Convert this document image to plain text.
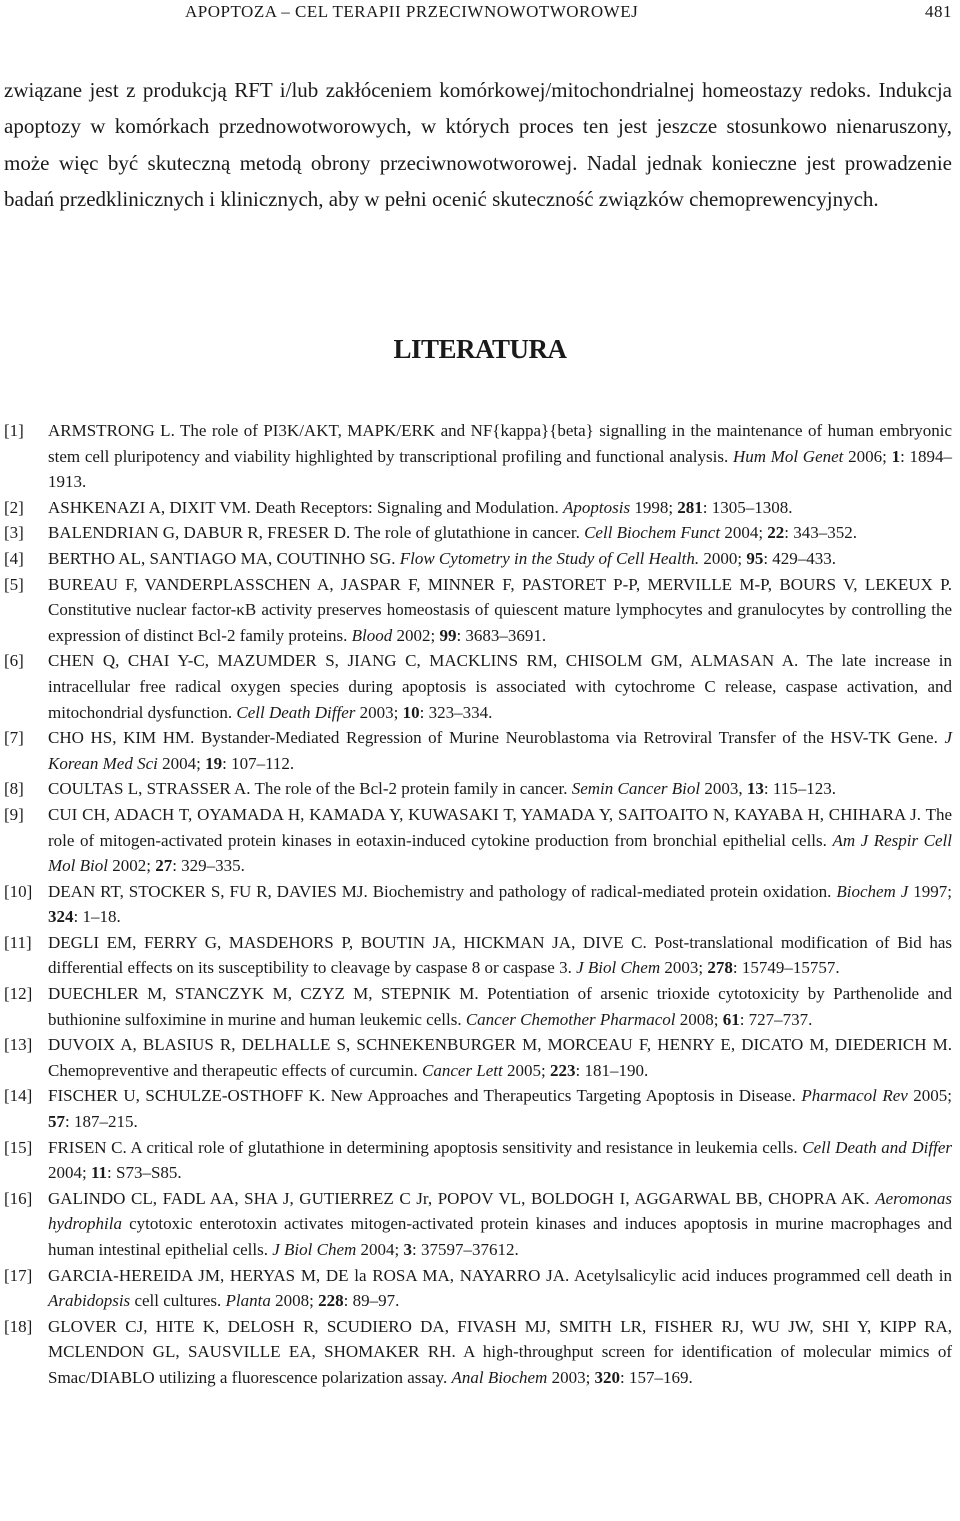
APOPTOZA – CEL TERAPII PRZECIWNOWOTWOROWEJ	481

związane jest z produkcją RFT i/lub zakłóceniem komórkowej/mitochondrialnej homeostazy redoks. Indukcja apoptozy w komórkach przednowotworowych, w których proces ten jest jeszcze stosunkowo nienaruszony, może więc być skuteczną metodą obrony przeciwnowotworowej. Nadal jednak konieczne jest prowadzenie badań przedklinicznych i klinicznych, aby w pełni ocenić skuteczność związków chemoprewencyjnych.

LITERATURA

[1] ARMSTRONG L. The role of PI3K/AKT, MAPK/ERK and NF{kappa}{beta} signalling in the maintenance of human embryonic stem cell pluripotency and viability highlighted by transcriptional profiling and functional analysis. Hum Mol Genet 2006; 1: 1894–1913.

[2] ASHKENAZI A, DIXIT VM. Death Receptors: Signaling and Modulation. Apoptosis 1998; 281: 1305–1308.

[3] BALENDRIAN G, DABUR R, FRESER D. The role of glutathione in cancer. Cell Biochem Funct 2004; 22: 343–352.

[4] BERTHO AL, SANTIAGO MA, COUTINHO SG. Flow Cytometry in the Study of Cell Health. 2000; 95: 429–433.

[5] BUREAU F, VANDERPLASSCHEN A, JASPAR F, MINNER F, PASTORET P-P, MERVILLE M-P, BOURS V, LEKEUX P. Constitutive nuclear factor-κB activity preserves homeostasis of quiescent mature lymphocytes and granulocytes by controlling the expression of distinct Bcl-2 family proteins. Blood 2002; 99: 3683–3691.

[6] CHEN Q, CHAI Y-C, MAZUMDER S, JIANG C, MACKLINS RM, CHISOLM GM, ALMASAN A. The late increase in intracellular free radical oxygen species during apoptosis is associated with cytochrome C release, caspase activation, and mitochondrial dysfunction. Cell Death Differ 2003; 10: 323–334.

[7] CHO HS, KIM HM. Bystander-Mediated Regression of Murine Neuroblastoma via Retroviral Transfer of the HSV-TK Gene. J Korean Med Sci 2004; 19: 107–112.

[8] COULTAS L, STRASSER A. The role of the Bcl-2 protein family in cancer. Semin Cancer Biol 2003, 13: 115–123.

[9] CUI CH, ADACH T, OYAMADA H, KAMADA Y, KUWASAKI T, YAMADA Y, SAITOAITO N, KAYABA H, CHIHARA J. The role of mitogen-activated protein kinases in eotaxin-induced cytokine production from bronchial epithelial cells. Am J Respir Cell Mol Biol 2002; 27: 329–335.

[10] DEAN RT, STOCKER S, FU R, DAVIES MJ. Biochemistry and pathology of radical-mediated protein oxidation. Biochem J 1997; 324: 1–18.

[11] DEGLI EM, FERRY G, MASDEHORS P, BOUTIN JA, HICKMAN JA, DIVE C. Post-translational modification of Bid has differential effects on its susceptibility to cleavage by caspase 8 or caspase 3. J Biol Chem 2003; 278: 15749–15757.

[12] DUECHLER M, STANCZYK M, CZYZ M, STEPNIK M. Potentiation of arsenic trioxide cytotoxicity by Parthenolide and buthionine sulfoximine in murine and human leukemic cells. Cancer Chemother Pharmacol 2008; 61: 727–737.

[13] DUVOIX A, BLASIUS R, DELHALLE S, SCHNEKENBURGER M, MORCEAU F, HENRY E, DICATO M, DIEDERICH M. Chemopreventive and therapeutic effects of curcumin. Cancer Lett 2005; 223: 181–190.

[14] FISCHER U, SCHULZE-OSTHOFF K. New Approaches and Therapeutics Targeting Apoptosis in Disease. Pharmacol Rev 2005; 57: 187–215.

[15] FRISEN C. A critical role of glutathione in determining apoptosis sensitivity and resistance in leukemia cells. Cell Death and Differ 2004; 11: S73–S85.

[16] GALINDO CL, FADL AA, SHA J, GUTIERREZ C Jr, POPOV VL, BOLDOGH I, AGGARWAL BB, CHOPRA AK. Aeromonas hydrophila cytotoxic enterotoxin activates mitogen-activated protein kinases and induces apoptosis in murine macrophages and human intestinal epithelial cells. J Biol Chem 2004; 3: 37597–37612.

[17] GARCIA-HEREIDA JM, HERYAS M, DE la ROSA MA, NAYARRO JA. Acetylsalicylic acid induces programmed cell death in Arabidopsis cell cultures. Planta 2008; 228: 89–97.

[18] GLOVER CJ, HITE K, DELOSH R, SCUDIERO DA, FIVASH MJ, SMITH LR, FISHER RJ, WU JW, SHI Y, KIPP RA, MCLENDON GL, SAUSVILLE EA, SHOMAKER RH. A high-throughput screen for identification of molecular mimics of Smac/DIABLO utilizing a fluorescence polarization assay. Anal Biochem 2003; 320: 157–169.
